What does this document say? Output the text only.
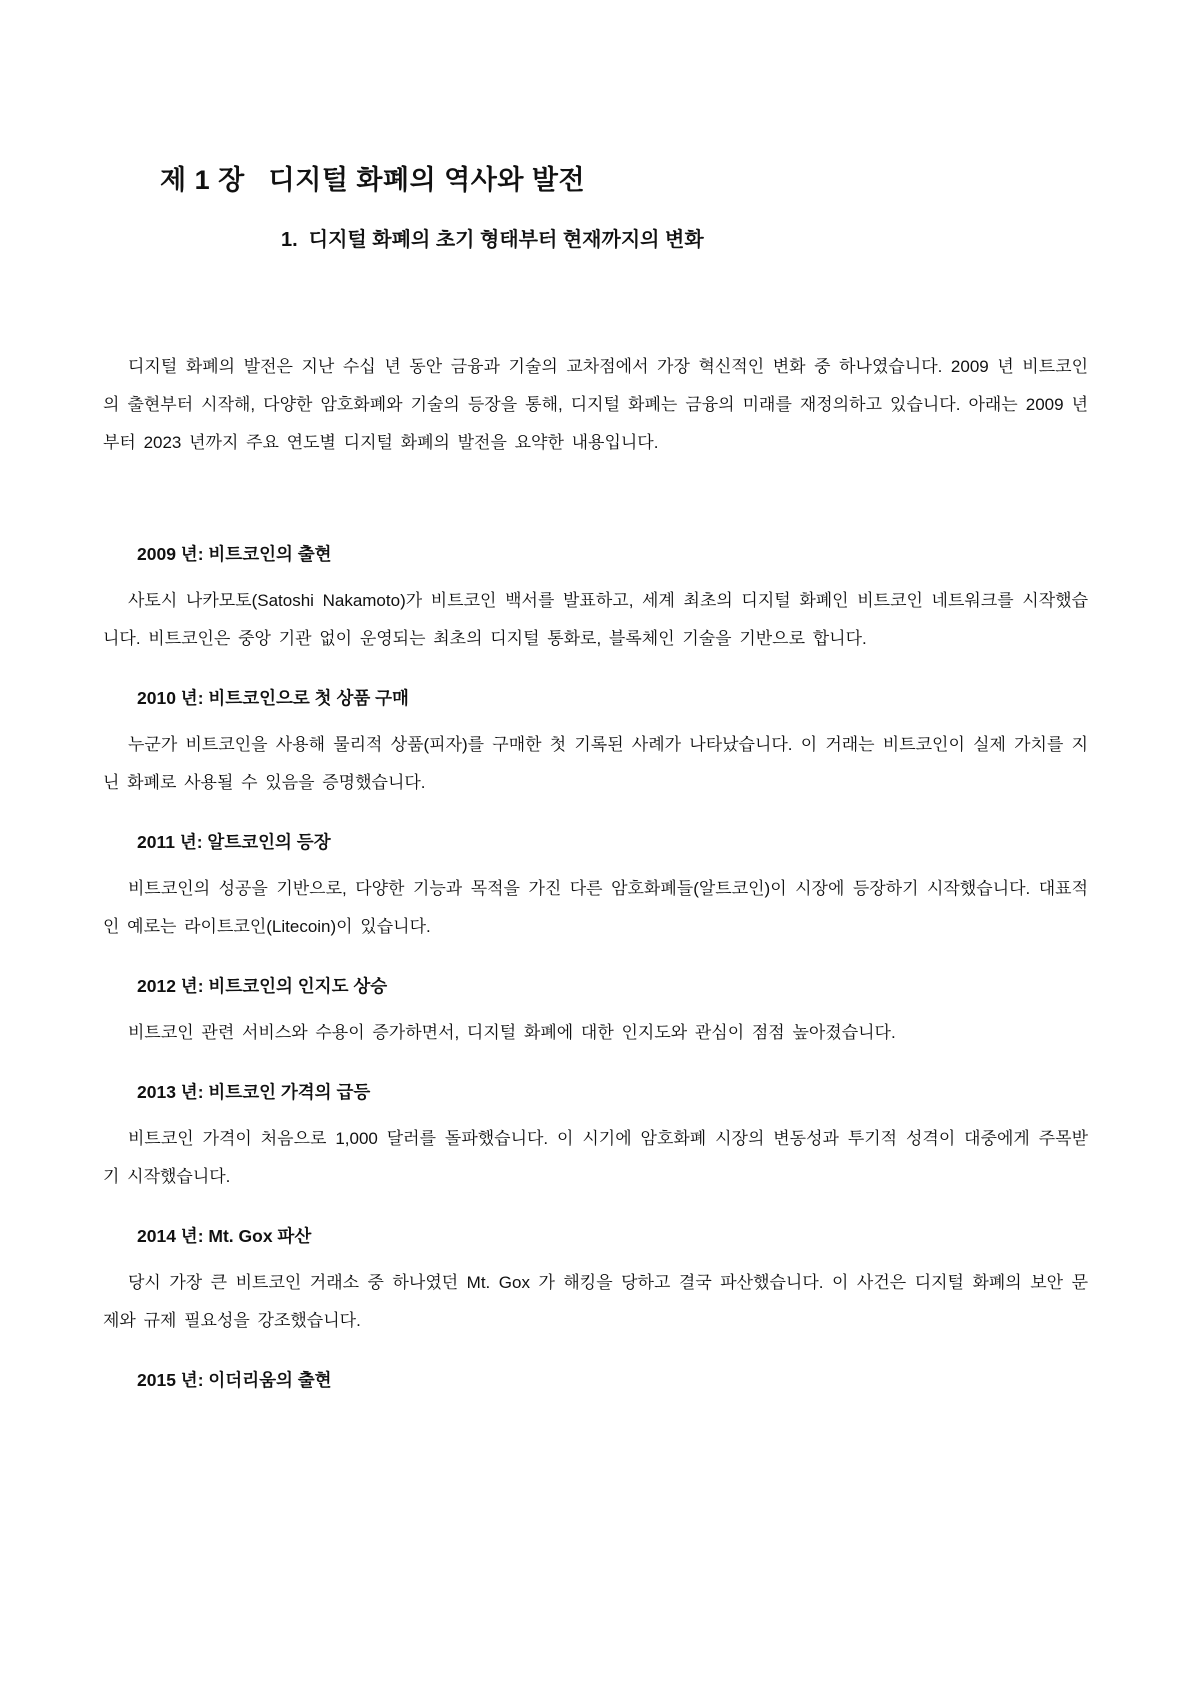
제 1 장   디지털 화폐의 역사와 발전
1.  디지털 화폐의 초기 형태부터 현재까지의 변화

디지털 화폐의 발전은 지난 수십 년 동안 금융과 기술의 교차점에서 가장 혁신적인 변화 중 하나였습니다. 2009 년 비트코인의 출현부터 시작해, 다양한 암호화폐와 기술의 등장을 통해, 디지털 화폐는 금융의 미래를 재정의하고 있습니다. 아래는 2009 년부터 2023 년까지 주요 연도별 디지털 화폐의 발전을 요약한 내용입니다.

2009 년: 비트코인의 출현

사토시 나카모토(Satoshi Nakamoto)가 비트코인 백서를 발표하고, 세계 최초의 디지털 화폐인 비트코인 네트워크를 시작했습니다. 비트코인은 중앙 기관 없이 운영되는 최초의 디지털 통화로, 블록체인 기술을 기반으로 합니다.

2010 년: 비트코인으로 첫 상품 구매

누군가 비트코인을 사용해 물리적 상품(피자)를 구매한 첫 기록된 사례가 나타났습니다. 이 거래는 비트코인이 실제 가치를 지닌 화폐로 사용될 수 있음을 증명했습니다.

2011 년: 알트코인의 등장

비트코인의 성공을 기반으로, 다양한 기능과 목적을 가진 다른 암호화폐들(알트코인)이 시장에 등장하기 시작했습니다. 대표적인 예로는 라이트코인(Litecoin)이 있습니다.

2012 년: 비트코인의 인지도 상승

비트코인 관련 서비스와 수용이 증가하면서, 디지털 화폐에 대한 인지도와 관심이 점점 높아졌습니다.

2013 년: 비트코인 가격의 급등

비트코인 가격이 처음으로 1,000 달러를 돌파했습니다. 이 시기에 암호화폐 시장의 변동성과 투기적 성격이 대중에게 주목받기 시작했습니다.

2014 년: Mt. Gox 파산

당시 가장 큰 비트코인 거래소 중 하나였던 Mt. Gox 가 해킹을 당하고 결국 파산했습니다. 이 사건은 디지털 화폐의 보안 문제와 규제 필요성을 강조했습니다.

2015 년: 이더리움의 출현
